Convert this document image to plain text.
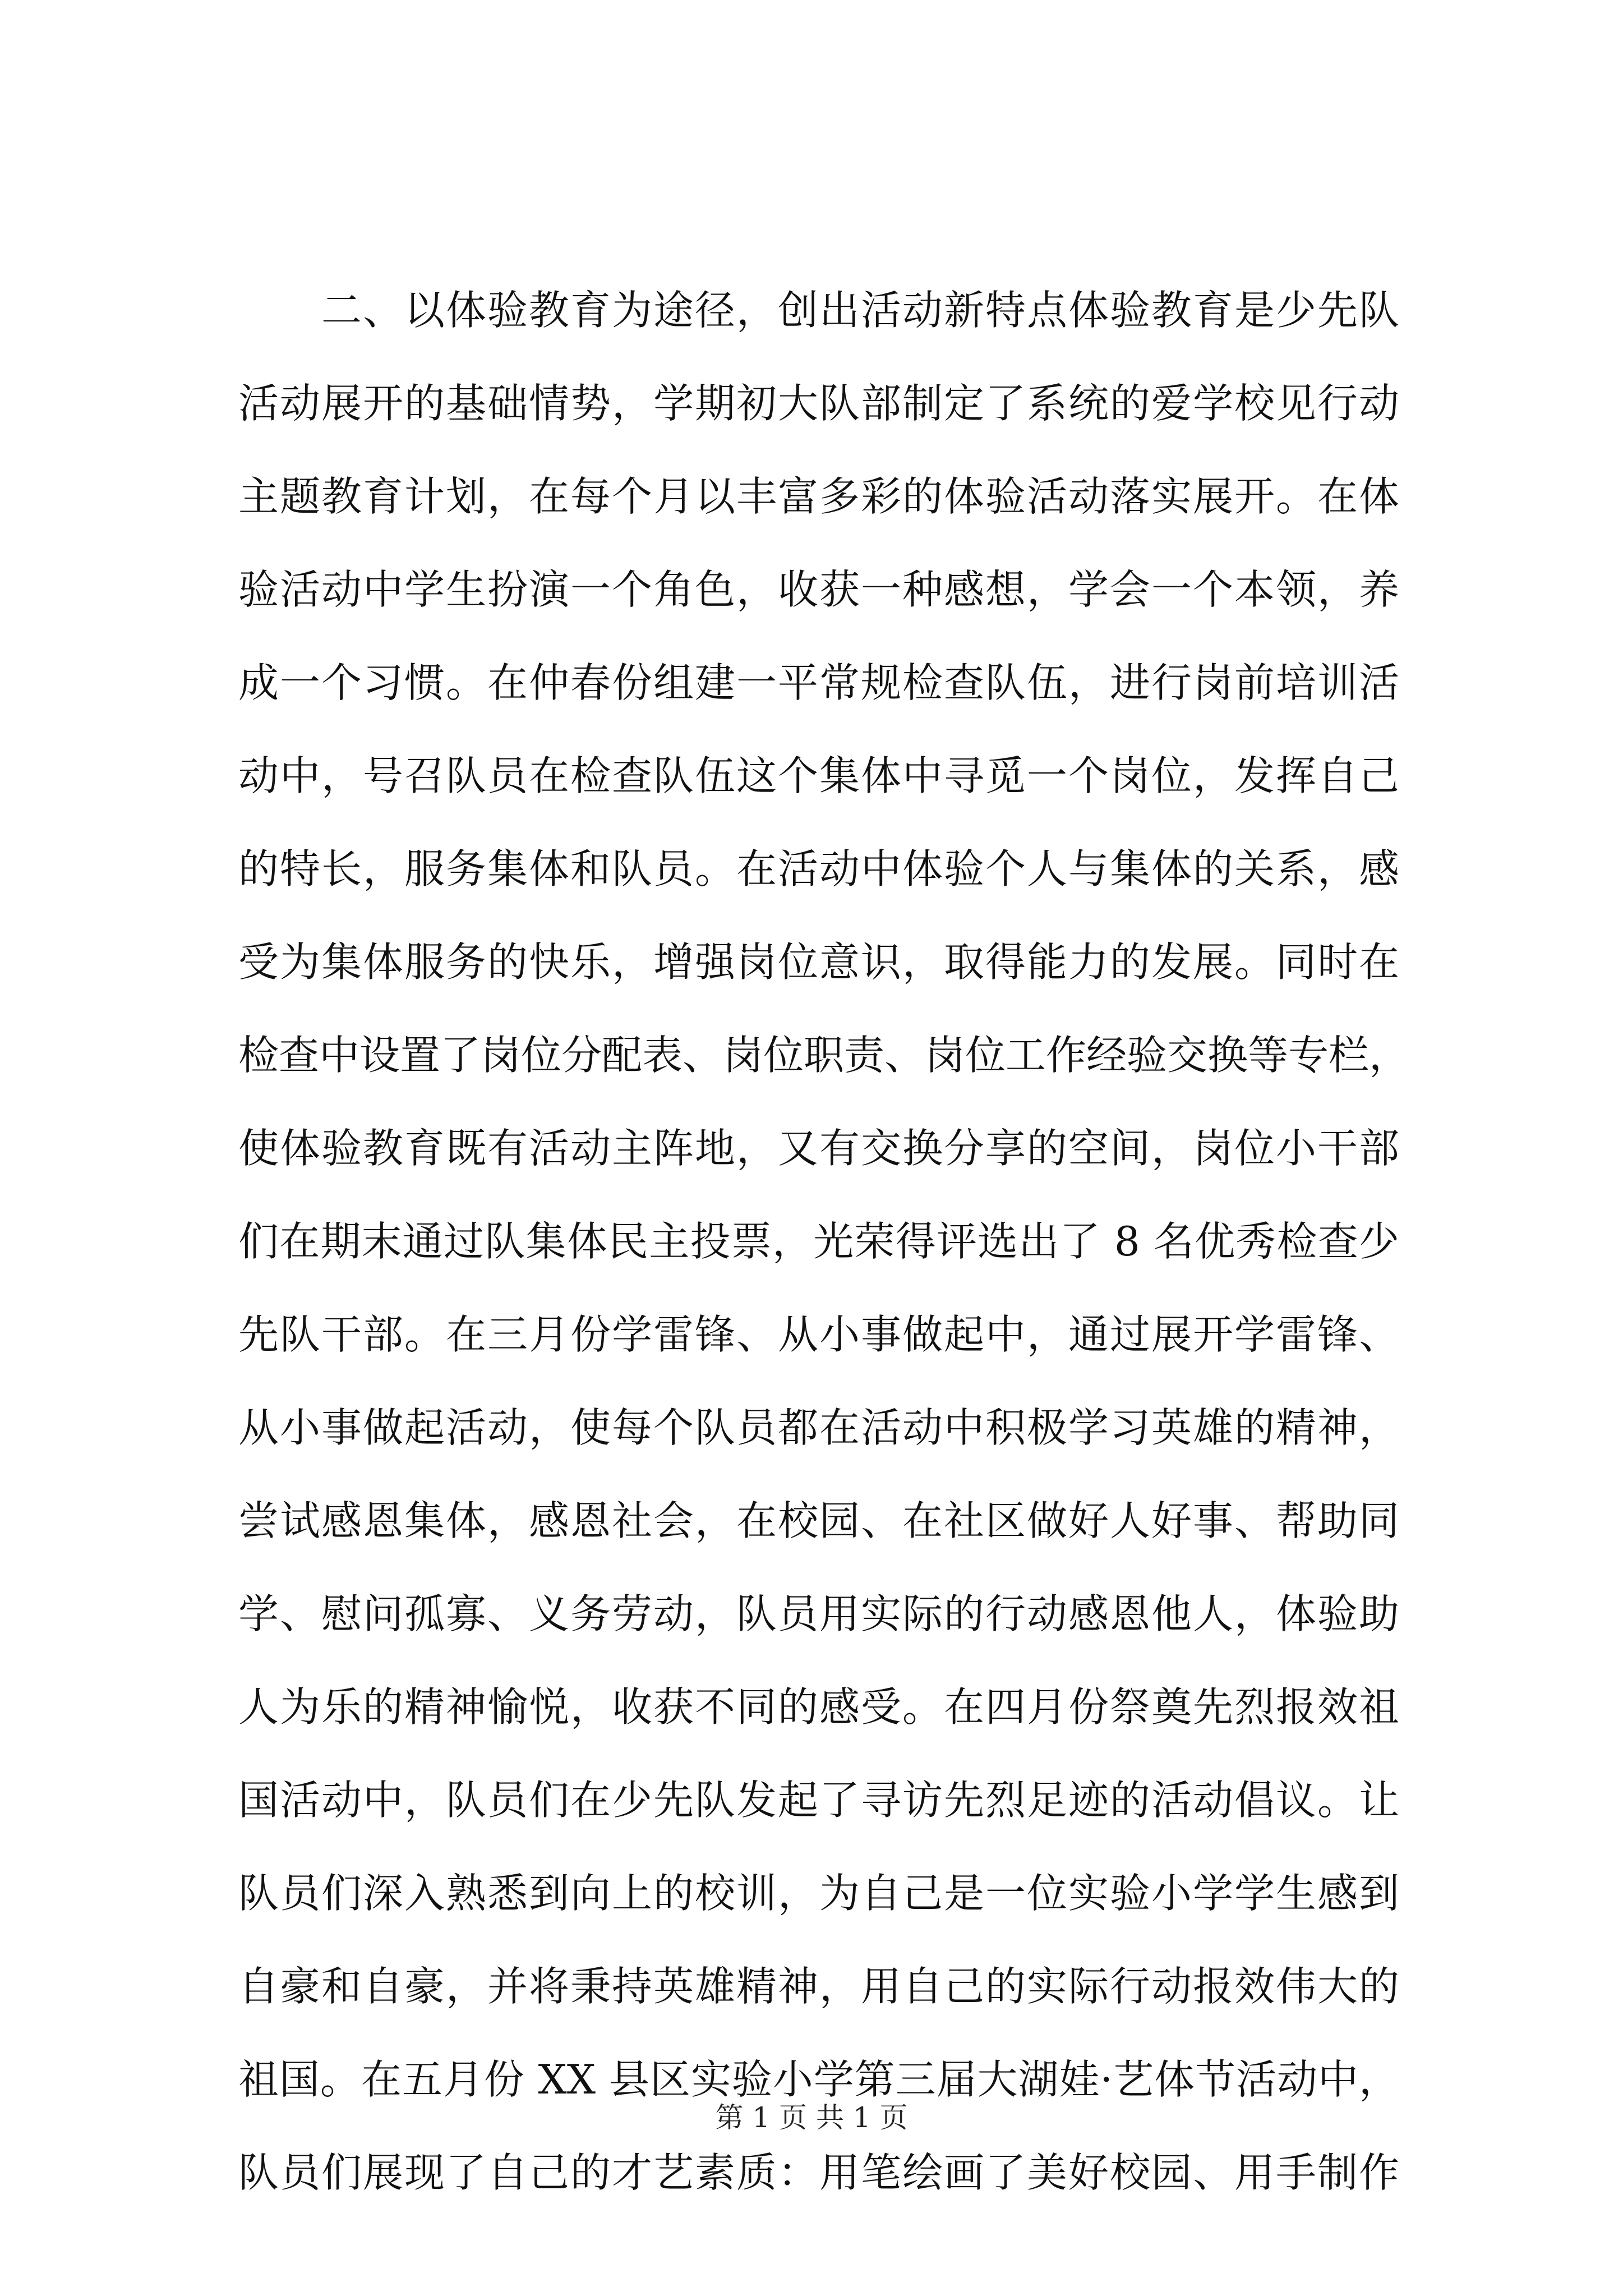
　　二、以体验教育为途径，创出活动新特点体验教育是少先队
活动展开的基础情势，学期初大队部制定了系统的爱学校见行动
主题教育计划，在每个月以丰富多彩的体验活动落实展开。在体
验活动中学生扮演一个角色，收获一种感想，学会一个本领，养
成一个习惯。在仲春份组建一平常规检查队伍，进行岗前培训活
动中，号召队员在检查队伍这个集体中寻觅一个岗位，发挥自己
的特长，服务集体和队员。在活动中体验个人与集体的关系，感
受为集体服务的快乐，增强岗位意识，取得能力的发展。同时在
检查中设置了岗位分配表、岗位职责、岗位工作经验交换等专栏，
使体验教育既有活动主阵地，又有交换分享的空间，岗位小干部
们在期末通过队集体民主投票，光荣得评选出了 8 名优秀检查少
先队干部。在三月份学雷锋、从小事做起中，通过展开学雷锋、
从小事做起活动，使每个队员都在活动中积极学习英雄的精神，
尝试感恩集体，感恩社会，在校园、在社区做好人好事、帮助同
学、慰问孤寡、义务劳动，队员用实际的行动感恩他人，体验助
人为乐的精神愉悦，收获不同的感受。在四月份祭奠先烈报效祖
国活动中，队员们在少先队发起了寻访先烈足迹的活动倡议。让
队员们深入熟悉到向上的校训，为自己是一位实验小学学生感到
自豪和自豪，并将秉持英雄精神，用自己的实际行动报效伟大的
祖国。在五月份 XX 县区实验小学第三届大湖娃·艺体节活动中，
队员们展现了自己的才艺素质：用笔绘画了美好校园、用手制作
第 1 页 共 1 页
